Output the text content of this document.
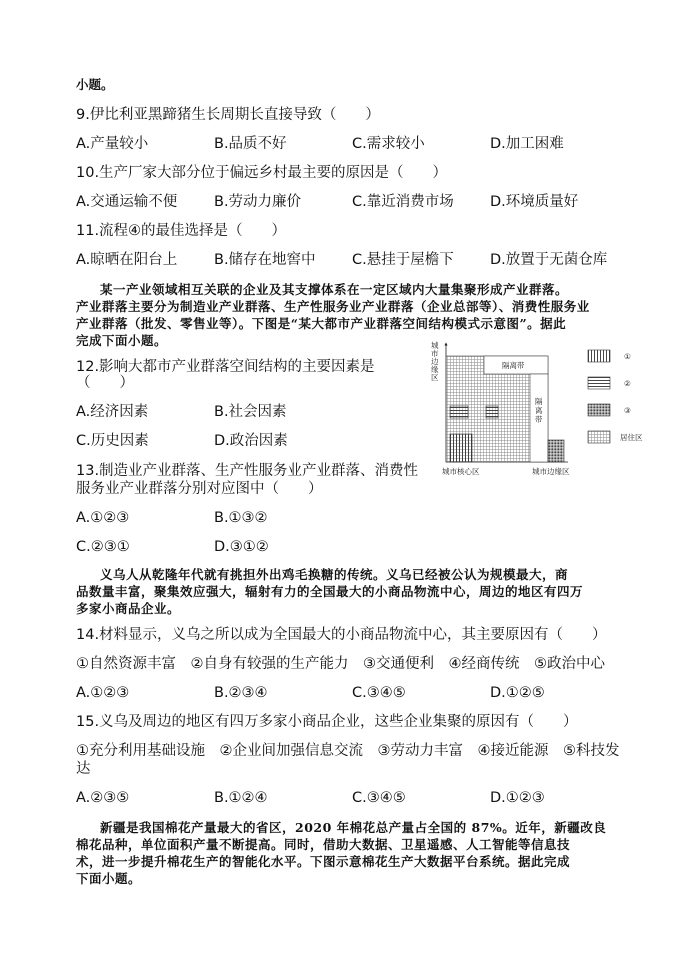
小题。
9.伊比利亚黑蹄猪生长周期长直接导致（　　）
A.产量较小	B.品质不好	C.需求较小	D.加工困难
10.生产厂家大部分位于偏远乡村最主要的原因是（　　）
A.交通运输不便	B.劳动力廉价	C.靠近消费市场	D.环境质量好
11.流程④的最佳选择是（　　）
A.晾晒在阳台上	B.储存在地窖中	C.悬挂于屋檐下	D.放置于无菌仓库
某一产业领域相互关联的企业及其支撑体系在一定区域内大量集聚形成产业群落。
产业群落主要分为制造业产业群落、生产性服务业产业群落（企业总部等）、消费性服务业
产业群落（批发、零售业等）。下图是“某大都市产业群落空间结构模式示意图”。据此
完成下面小题。
12.影响大都市产业群落空间结构的主要因素是
（　　）
A.经济因素	B.社会因素
C.历史因素	D.政治因素
13.制造业产业群落、生产性服务业产业群落、消费性
服务业产业群落分别对应图中（　　）
A.①②③	B.①③②
C.②③①	D.③①②
城市边缘区
隔离带
隔离带
城市核心区	城市边缘区
①
②
③
居住区
义乌人从乾隆年代就有挑担外出鸡毛换糖的传统。义乌已经被公认为规模最大，商
品数量丰富，聚集效应强大，辐射有力的全国最大的小商品物流中心，周边的地区有四万
多家小商品企业。
14.材料显示，义乌之所以成为全国最大的小商品物流中心，其主要原因有（　　）
①自然资源丰富　②自身有较强的生产能力　③交通便利　④经商传统　⑤政治中心
A.①②③	B.②③④	C.③④⑤	D.①②⑤
15.义乌及周边的地区有四万多家小商品企业，这些企业集聚的原因有（　　）
①充分利用基础设施　②企业间加强信息交流　③劳动力丰富　④接近能源　⑤科技发
达
A.②③⑤	B.①②④	C.③④⑤	D.①②③
新疆是我国棉花产量最大的省区，2020 年棉花总产量占全国的 87%。近年，新疆改良
棉花品种，单位面积产量不断提高。同时，借助大数据、卫星遥感、人工智能等信息技
术，进一步提升棉花生产的智能化水平。下图示意棉花生产大数据平台系统。据此完成
下面小题。
